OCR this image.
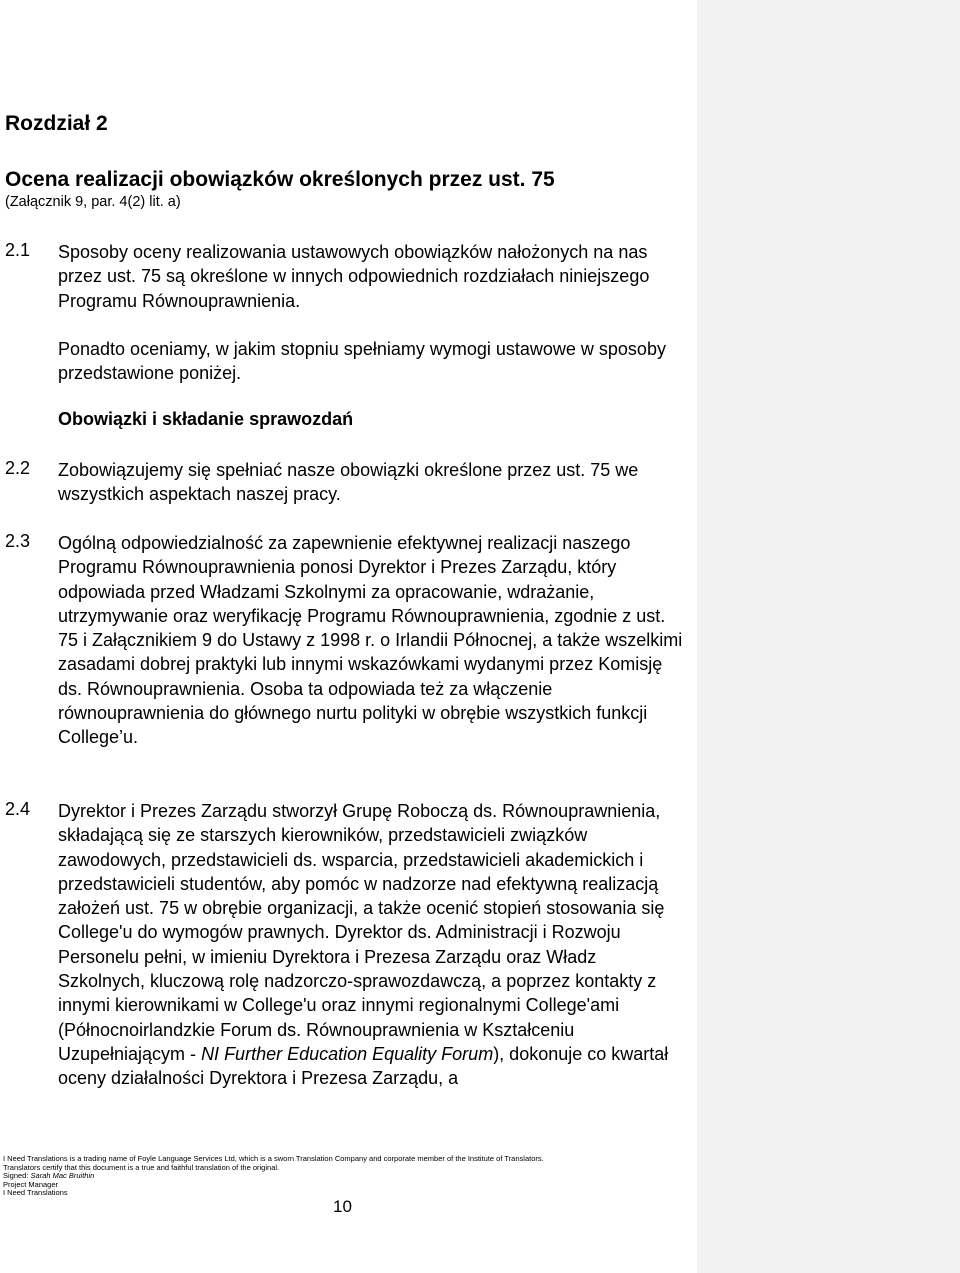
Rozdział 2
Ocena realizacji obowiązków określonych przez ust. 75
(Załącznik 9, par. 4(2) lit. a)
2.1 Sposoby oceny realizowania ustawowych obowiązków nałożonych na nas przez ust. 75 są określone w innych odpowiednich rozdziałach niniejszego Programu Równouprawnienia.

Ponadto oceniamy, w jakim stopniu spełniamy wymogi ustawowe w sposoby przedstawione poniżej.

Obowiązki i składanie sprawozdań
2.2 Zobowiązujemy się spełniać nasze obowiązki określone przez ust. 75 we wszystkich aspektach naszej pracy.

2.3 Ogólną odpowiedzialność za zapewnienie efektywnej realizacji naszego Programu Równouprawnienia ponosi Dyrektor i Prezes Zarządu, który odpowiada przed Władzami Szkolnymi za opracowanie, wdrażanie, utrzymywanie oraz weryfikację Programu Równouprawnienia, zgodnie z ust. 75 i Załącznikiem 9 do Ustawy z 1998 r. o Irlandii Północnej, a także wszelkimi zasadami dobrej praktyki lub innymi wskazówkami wydanymi przez Komisję ds. Równouprawnienia. Osoba ta odpowiada też za włączenie równouprawnienia do głównego nurtu polityki w obrębie wszystkich funkcji College’u.

2.4 Dyrektor i Prezes Zarządu stworzył Grupę Roboczą ds. Równouprawnienia, składającą się ze starszych kierowników, przedstawicieli związków zawodowych, przedstawicieli ds. wsparcia, przedstawicieli akademickich i przedstawicieli studentów, aby pomóc w nadzorze nad efektywną realizacją założeń ust. 75 w obrębie organizacji, a także ocenić stopień stosowania się College'u do wymogów prawnych. Dyrektor ds. Administracji i Rozwoju Personelu pełni, w imieniu Dyrektora i Prezesa Zarządu oraz Władz Szkolnych, kluczową rolę nadzorczo-sprawozdawczą, a poprzez kontakty z innymi kierownikami w College'u oraz innymi regionalnymi College'ami (Północnoirlandzkie Forum ds. Równouprawnienia w Kształceniu Uzupełniającym - NI Further Education Equality Forum), dokonuje co kwartał oceny działalności Dyrektora i Prezesa Zarządu, a

I Need Translations is a trading name of Foyle Language Services Ltd, which is a sworn Translation Company and corporate member of the Institute of Translators.
Translators certify that this document is a true and faithful translation of the original.
Signed: Sarah Mac Bruithin
Project Manager
I Need Translations
10
